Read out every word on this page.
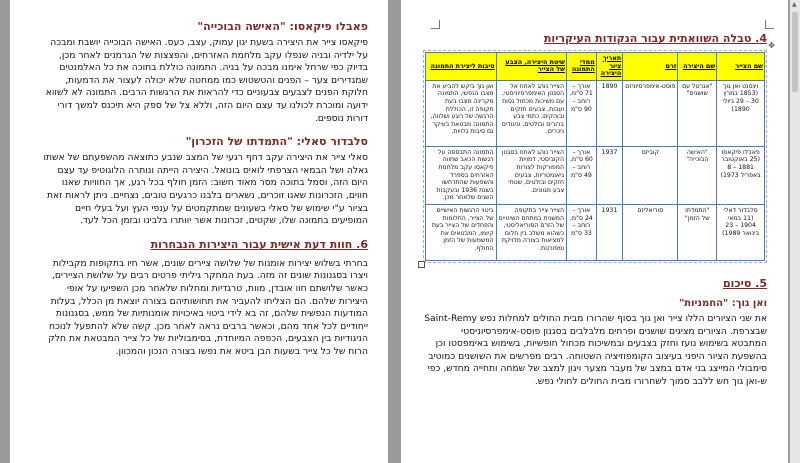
פאבלו פיקאסו: "האישה הבוכייה"

פיקאסו צייר את היצירה בשעת יגון עמוק, עצב, כעס. האישה הבוכייה יושבת ומבכה על ילדיה ובניה שנפלו עקב מלחמת האזרחים, והפצצות של הגרמנים לאחר מכן, בדיוק כפי שרחל אימנו מבכה על בניה. התמונה כוללת בתוכה את כל האלמנטים שמגדירים צער – הפנים והטשטוש כמו ממחטה שלא יכולה לעצור את הדמעות, חלוקת הפנים לצבעים צבעוניים כדי להראות את הרגשות הרבים. התמונה לא לשווא ידועה ומוכרת לכולנו עד עצם היום הזה, וללא צל של ספק היא תיכנס למשך דורי דורות נוספים.

סלבדור סאלי: "התמדתו של הזכרון"

סאלי צייר את היצירה עקב דחף רגעי של המצב שנבע כתוצאה מהשפעתם של אשתו גאלה ושל הבמאי הצרפתי לואיס בונואל. היצירה הייתה ונותרה הלוגוטיפ עד עצם היום הזה, וסמל בתוכה מסר מאוד חשוב: הזמן חולף בכל רגע, אך החוויות שאנו חווים, הזכרונות שאנו זוכרים, נשארים בלבנו כרגעים טובים, נצחיים. ניתן לראות זאת בציור ע"י שימוש של סאלי בשעונים שמתקמטים על ענפי העץ ועל בעלי חיים המופיעים בתמונה שלו, שקטים, זכרונות אשר יוותרו בלבינו ובזמן הכל לעד.

6. חוות דעת אישית עבור היצירות הנבחרות

בחרתי בשלוש יצירות אומנות של שלושה ציירים שונים, אשר חיו בתקופות מקבילות ויצרו בסגנונות שונים זה מזה. בעת המחקר גיליתי פרטים רבים על שלושת הציירים, כאשר שלושתם חוו אובדן, מוות, טרגדיות ומחלות שלאחר מכן השפיעו על אופי היצירות שלהם. הם הצליחו להעביר את תחושותיהם בצורה יוצאת מן הכלל, בעלות המודעות הנפשית שלהם, זה בא לידי ביטוי באיכויות אומנותיות של ממש, בסגנונות ייחודיים לכל אחד מהם, וכאשר ברבים נראה לאחר מכן. קשה שלא להתפעל לנוכח הניגודיות בין הצבעים, הכפפה המיוחדת, בסימבוליות של כל צייר המבטאת את חלק הרוח של כל צייר בשעות הבן ביטא את נפשו בצורה הנכון והמכוון.

4. טבלה השוואתית עבור הנקודות העיקריות

✥
שם הצייר	שם היצירה	זרם	תאריך ציור היצירה	ממדי התמונה	שיטת היצירה, הצבע של הצייר	סיבות ליצירת התמונה
וינסנט ואן גוך (1853 במרץ 30 – 29 ביולי 1890)	"אגרטל עם שושנים"	פוסט-אימפרסיוניזם	1890	אורך – 71 ס"מ, רוחב – 90 ס"מ	הצייר נוהג לאחוז אל הסגנון האימפרסיוניסטי, עם משיכות מכחול גסות ועבות, צבעים חזקים ובוהקים, כתמי צבע ברורים ובולטים, וניגודים ניכרים.	ואן גוך ביקש להביע את מצבו הנפשי, התמונה מקרינה מצבו בעת תקופה זו, הכוללת הרגשה של רוגע ושלווה, התמונה מבטאת בעיקר גם סיבות גלויות.
פאבלו פיקאסו (25 באוקטובר 1881 – 8 באפריל 1973)	"האישה הבוכייה"	קוביזם	1937	אורך – 60 ס"מ, רוחב – 49 ס"מ	הצייר נוהג לאחוז בסגנון הקוביסטי, דמויות המפורקות לצורות גיאומטריות, צבעים חזקים ובולטים, שטחי צבע מגוונים.	התמונה התבססה על רגשות הכאב שחווה פיקאסו עקב מלחמת האזרחים בספרד והשפעות שהתרחשו בשנת 1936 ובעקבות השנים שלאחר מכן.
סלבדור דאלי (11 במאי 1904 – 23 בינואר 1989)	"התמדתו של הזמן"	סוריאליזם	1931	אורך – 24 ס"מ, רוחב – 33 ס"מ	הצייר צייר בתקופה המשנית במתחם השינויים של הזרם הסוריאליסטי, כשהוא משלב בין חלום למציאות בצורה מדויקת ומפורטת.	ביטוי הרגשות האישיים של הצייר, החלומות והפחדים של הצייר בעת קיומו, המבטאים את המשמעות של הזמן החולף.

5. סיכום

ואן גוך: "החמניות"

את שני הציורים הללו צייר ואן גוך בסוף שהרורו מבית החולים למחלות נפש Saint-Remy שבצרפת. הציורים מציגים שושנים ופרחים מלבלבים בסגנון פוסט-אימפרסיוניסטי המתבטא בשימוש נועז וחזק בצבעים ובמשיכות מכחול חופשיות, בשימוש באימפסטו וכן בהשפעת הציור היפני בעיצוב הקומפוזיציה השטוחה. רבים מפרשים את השושנים כמוטיב סימבולי המייצג בני אדם במצב של מעבר מצער ויגון למצב של שמחה ותחייה מחדש, כפי ש-ואן גוך חש ללבב סמוך לשחרורו מבית החולים לחולי נפש.

▲
